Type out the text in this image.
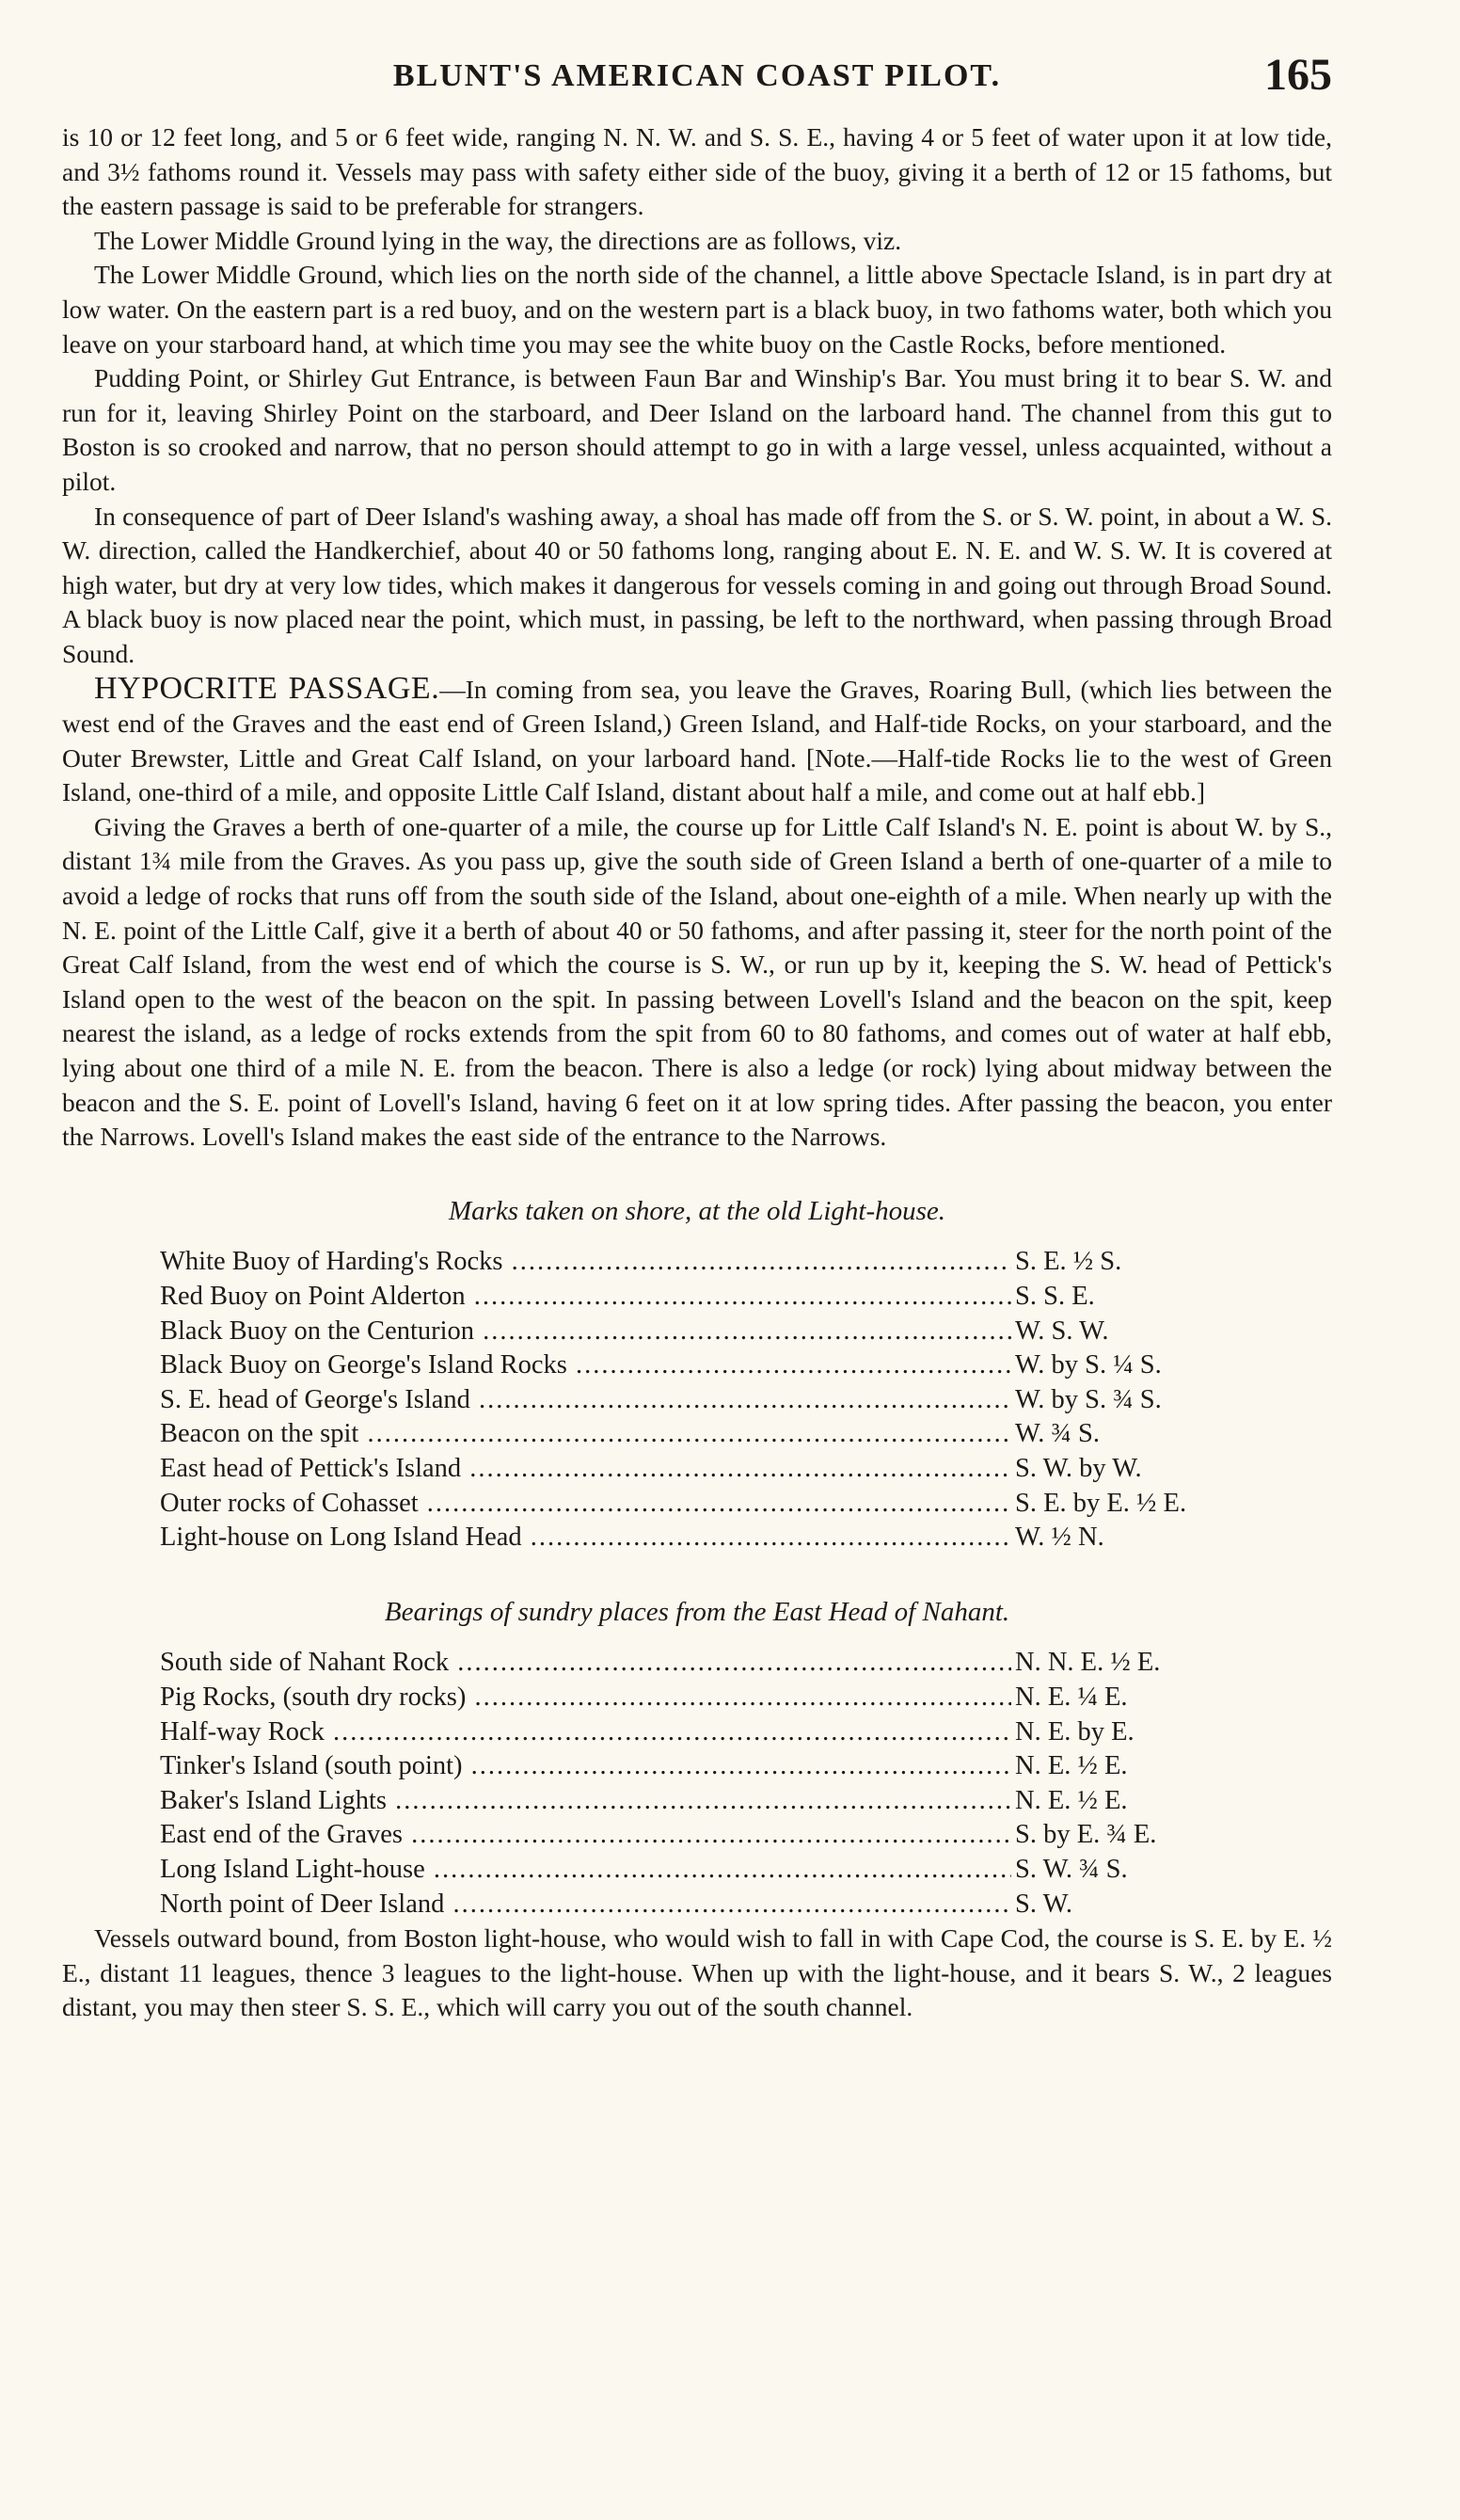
BLUNT'S AMERICAN COAST PILOT.	165

is 10 or 12 feet long, and 5 or 6 feet wide, ranging N. N. W. and S. S. E., having 4 or 5 feet of water upon it at low tide, and 3½ fathoms round it. Vessels may pass with safety either side of the buoy, giving it a berth of 12 or 15 fathoms, but the eastern passage is said to be preferable for strangers.

The Lower Middle Ground lying in the way, the directions are as follows, viz.

The Lower Middle Ground, which lies on the north side of the channel, a little above Spectacle Island, is in part dry at low water. On the eastern part is a red buoy, and on the western part is a black buoy, in two fathoms water, both which you leave on your starboard hand, at which time you may see the white buoy on the Castle Rocks, before mentioned.

Pudding Point, or Shirley Gut Entrance, is between Faun Bar and Winship's Bar. You must bring it to bear S. W. and run for it, leaving Shirley Point on the starboard, and Deer Island on the larboard hand. The channel from this gut to Boston is so crooked and narrow, that no person should attempt to go in with a large vessel, unless acquainted, without a pilot.

In consequence of part of Deer Island's washing away, a shoal has made off from the S. or S. W. point, in about a W. S. W. direction, called the Handkerchief, about 40 or 50 fathoms long, ranging about E. N. E. and W. S. W. It is covered at high water, but dry at very low tides, which makes it dangerous for vessels coming in and going out through Broad Sound. A black buoy is now placed near the point, which must, in passing, be left to the northward, when passing through Broad Sound.

HYPOCRITE PASSAGE.—In coming from sea, you leave the Graves, Roaring Bull, (which lies between the west end of the Graves and the east end of Green Island,) Green Island, and Half-tide Rocks, on your starboard, and the Outer Brewster, Little and Great Calf Island, on your larboard hand. [Note.—Half-tide Rocks lie to the west of Green Island, one-third of a mile, and opposite Little Calf Island, distant about half a mile, and come out at half ebb.]

Giving the Graves a berth of one-quarter of a mile, the course up for Little Calf Island's N. E. point is about W. by S., distant 1¾ mile from the Graves. As you pass up, give the south side of Green Island a berth of one-quarter of a mile to avoid a ledge of rocks that runs off from the south side of the Island, about one-eighth of a mile. When nearly up with the N. E. point of the Little Calf, give it a berth of about 40 or 50 fathoms, and after passing it, steer for the north point of the Great Calf Island, from the west end of which the course is S. W., or run up by it, keeping the S. W. head of Pettick's Island open to the west of the beacon on the spit. In passing between Lovell's Island and the beacon on the spit, keep nearest the island, as a ledge of rocks extends from the spit from 60 to 80 fathoms, and comes out of water at half ebb, lying about one third of a mile N. E. from the beacon. There is also a ledge (or rock) lying about midway between the beacon and the S. E. point of Lovell's Island, having 6 feet on it at low spring tides. After passing the beacon, you enter the Narrows. Lovell's Island makes the east side of the entrance to the Narrows.

Marks taken on shore, at the old Light-house.
White Buoy of Harding's Rocks .....	S. E. ½ S.
Red Buoy on Point Alderton .....	S. S. E.
Black Buoy on the Centurion .....	W. S. W.
Black Buoy on George's Island Rocks .....	W. by S. ¼ S.
S. E. head of George's Island .....	W. by S. ¾ S.
Beacon on the spit .....	W. ¾ S.
East head of Pettick's Island .....	S. W. by W.
Outer rocks of Cohasset .....	S. E. by E. ½ E.
Light-house on Long Island Head .....	W. ½ N.
Bearings of sundry places from the East Head of Nahant.
South side of Nahant Rock .....	N. N. E. ½ E.
Pig Rocks, (south dry rocks) .....	N. E. ¼ E.
Half-way Rock .....	N. E. by E.
Tinker's Island (south point) .....	N. E. ½ E.
Baker's Island Lights .....	N. E. ½ E.
East end of the Graves .....	S. by E. ¾ E.
Long Island Light-house .....	S. W. ¾ S.
North point of Deer Island .....	S. W.

Vessels outward bound, from Boston light-house, who would wish to fall in with Cape Cod, the course is S. E. by E. ½ E., distant 11 leagues, thence 3 leagues to the light-house. When up with the light-house, and it bears S. W., 2 leagues distant, you may then steer S. S. E., which will carry you out of the south channel.
